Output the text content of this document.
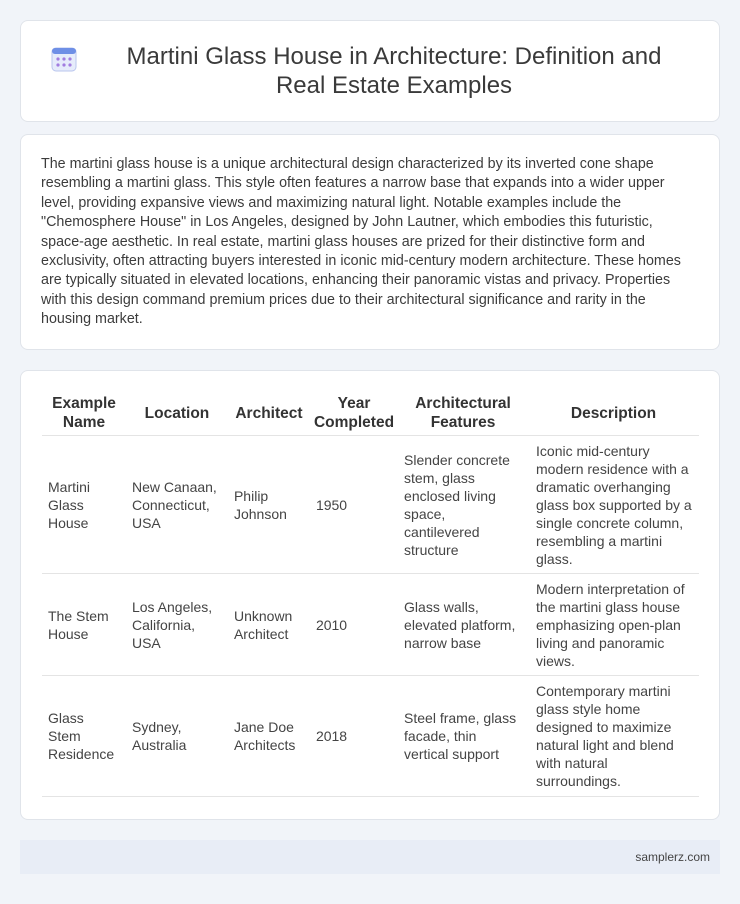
Martini Glass House in Architecture: Definition and Real Estate Examples

The martini glass house is a unique architectural design characterized by its inverted cone shape resembling a martini glass. This style often features a narrow base that expands into a wider upper level, providing expansive views and maximizing natural light. Notable examples include the "Chemosphere House" in Los Angeles, designed by John Lautner, which embodies this futuristic, space-age aesthetic. In real estate, martini glass houses are prized for their distinctive form and exclusivity, often attracting buyers interested in iconic mid-century modern architecture. These homes are typically situated in elevated locations, enhancing their panoramic vistas and privacy. Properties with this design command premium prices due to their architectural significance and rarity in the housing market.

Example Name	Location	Architect	Year Completed	Architectural Features	Description
Martini Glass House	New Canaan, Connecticut, USA	Philip Johnson	1950	Slender concrete stem, glass enclosed living space, cantilevered structure	Iconic mid-century modern residence with a dramatic overhanging glass box supported by a single concrete column, resembling a martini glass.
The Stem House	Los Angeles, California, USA	Unknown Architect	2010	Glass walls, elevated platform, narrow base	Modern interpretation of the martini glass house emphasizing open-plan living and panoramic views.
Glass Stem Residence	Sydney, Australia	Jane Doe Architects	2018	Steel frame, glass facade, thin vertical support	Contemporary martini glass style home designed to maximize natural light and blend with natural surroundings.
samplerz.com
